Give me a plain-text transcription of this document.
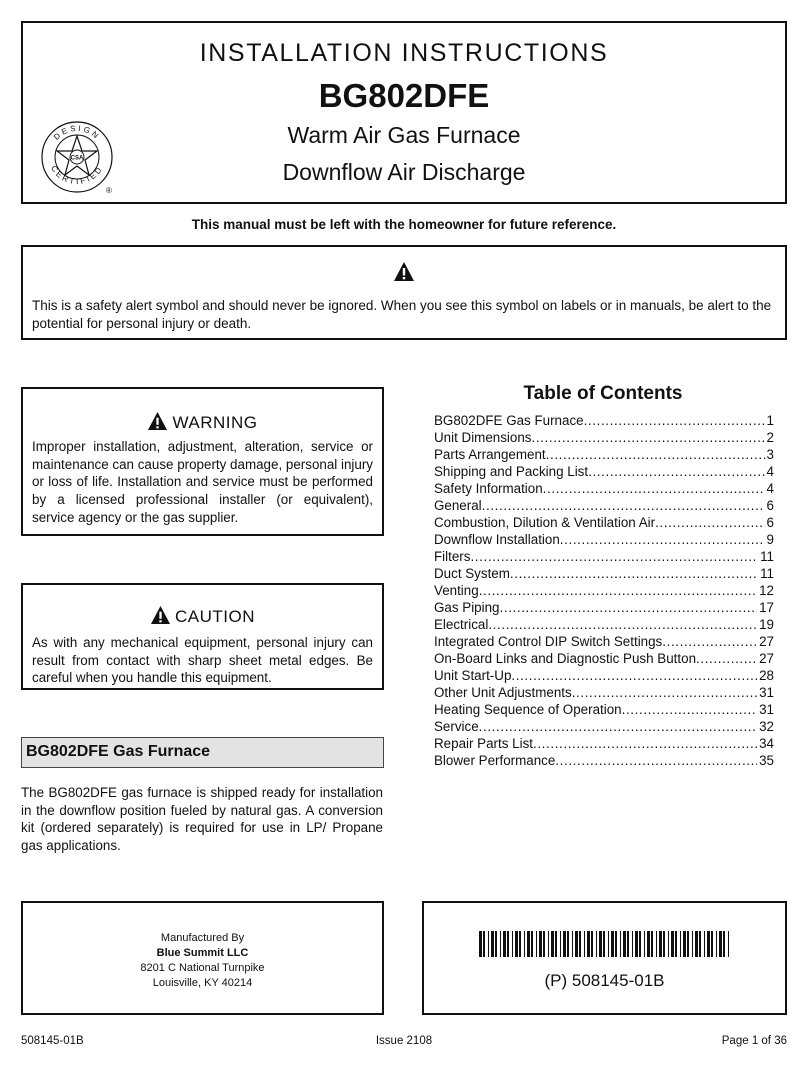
INSTALLATION INSTRUCTIONS
BG802DFE
Warm Air Gas Furnace
Downflow Air Discharge
DESIGN
CERTIFIED
CSA
®
This manual must be left with the homeowner for future reference.

This is a safety alert symbol and should never be ignored. When you see this symbol on labels or in manuals, be alert to the potential for personal injury or death.

WARNING

Improper installation, adjustment, alteration, service or maintenance can cause property damage, personal injury or loss of life. Installation and service must be performed by a licensed professional installer (or equivalent), service agency or the gas supplier.

CAUTION

As with any mechanical equipment, personal injury can result from contact with sharp sheet metal edges. Be careful when you handle this equipment.

BG802DFE Gas Furnace

The BG802DFE gas furnace is shipped ready for installation in the downflow position fueled by natural gas. A conversion kit (ordered separately) is required for use in LP/ Propane gas applications.

Table of Contents
BG802DFE Gas Furnace . . .	1
Unit Dimensions . . .	2
Parts Arrangement . . .	3
Shipping and Packing List . . .	4
Safety Information . . .	4
General . . .	6
Combustion, Dilution & Ventilation Air . . .	6
Downflow Installation . . .	9
Filters . . .	11
Duct System . . .	11
Venting . . .	12
Gas Piping . . .	17
Electrical . . .	19
Integrated Control DIP Switch Settings . . .	27
On-Board Links and Diagnostic Push Button . . .	27
Unit Start-Up . . .	28
Other Unit Adjustments . . .	31
Heating Sequence of Operation . . .	31
Service . . .	32
Repair Parts List . . .	34
Blower Performance . . .	35
Manufactured By
Blue Summit LLC
8201 C National Turnpike
Louisville, KY 40214	(P) 508145-01B
508145-01B	Issue 2108	Page 1 of 36
